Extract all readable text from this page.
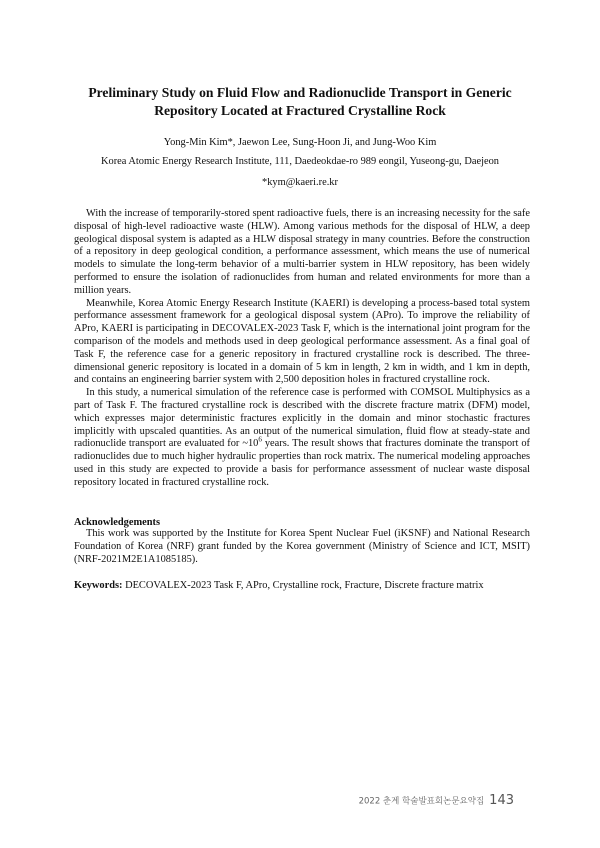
Preliminary Study on Fluid Flow and Radionuclide Transport in Generic
Repository Located at Fractured Crystalline Rock
Yong-Min Kim*, Jaewon Lee, Sung-Hoon Ji, and Jung-Woo Kim
Korea Atomic Energy Research Institute, 111, Daedeokdae-ro 989 eongil, Yuseong-gu, Daejeon
*kym@kaeri.re.kr

With the increase of temporarily-stored spent radioactive fuels, there is an increasing necessity for the safe disposal of high-level radioactive waste (HLW). Among various methods for the disposal of HLW, a deep geological disposal system is adapted as a HLW disposal strategy in many countries. Before the construction of a repository in deep geological condition, a performance assessment, which means the use of numerical models to simulate the long-term behavior of a multi-barrier system in HLW repository, has been widely performed to ensure the isolation of radionuclides from human and related environments for more than a million years.

Meanwhile, Korea Atomic Energy Research Institute (KAERI) is developing a process-based total system performance assessment framework for a geological disposal system (APro). To improve the reliability of APro, KAERI is participating in DECOVALEX-2023 Task F, which is the international joint program for the comparison of the models and methods used in deep geological performance assessment. As a final goal of Task F, the reference case for a generic repository in fractured crystalline rock is described. The three-dimensional generic repository is located in a domain of 5 km in length, 2 km in width, and 1 km in depth, and contains an engineering barrier system with 2,500 deposition holes in fractured crystalline rock.

In this study, a numerical simulation of the reference case is performed with COMSOL Multiphysics as a part of Task F. The fractured crystalline rock is described with the discrete fracture matrix (DFM) model, which expresses major deterministic fractures explicitly in the domain and minor stochastic fractures implicitly with upscaled quantities. As an output of the numerical simulation, fluid flow at steady-state and radionuclide transport are evaluated for $\sim 10^6$ years. The result shows that fractures dominate the transport of radionuclides due to much higher hydraulic properties than rock matrix. The numerical modeling approaches used in this study are expected to provide a basis for performance assessment of nuclear waste disposal repository located in fractured crystalline rock.

Acknowledgements

This work was supported by the Institute for Korea Spent Nuclear Fuel (iKSNF) and National Research Foundation of Korea (NRF) grant funded by the Korea government (Ministry of Science and ICT, MSIT) (NRF-2021M2E1A1085185).

Keywords: DECOVALEX-2023 Task F, APro, Crystalline rock, Fracture, Discrete fracture matrix
2022 춘계 학술발표회논문요약집 143
